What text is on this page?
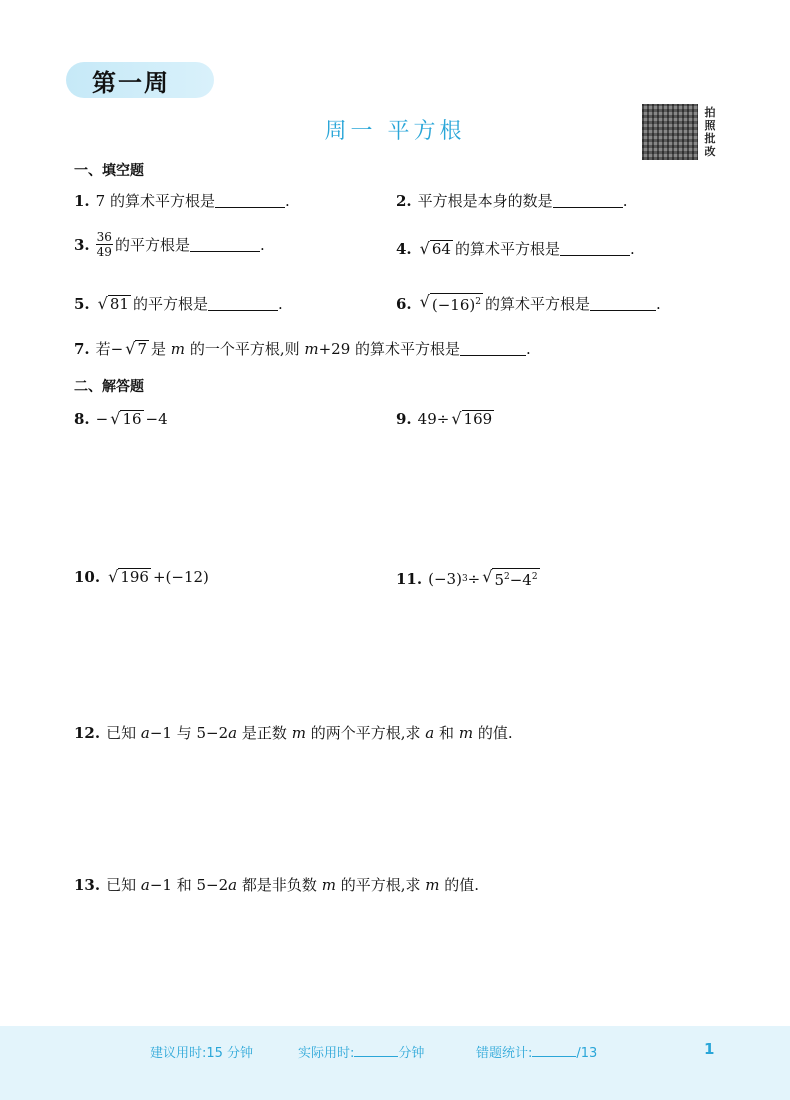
第一周
周一 平方根
拍照批改
一、填空题
1. 7 的算术平方根是	.	2. 平方根是本身的数是	.
3. $\frac{36}{49}$ 的平方根是	.	4. √ 64 的算术平方根是	.
5. √ 81 的平方根是	.	6. √ $(-16)^2$ 的算术平方根是	.
7. 若− √ 7 是
m
的一个平方根,则
m +29 的算术平方根是	.
二、解答题
8. − √ 16 −4	9. 49÷ √ 169
10. √ 196 +(−12)	11. (−3) 3 ÷ √ $5^2-4^2$
12. 已知
a −1 与 5−2 a
是正数
m
的两个平方根,求
a
和
m
的值.
13. 已知
a −1 和 5−2 a
都是非负数
m
的平方根,求
m
的值.
建议用时:15 分钟	实际用时:	分钟	错题统计:	/13	1
